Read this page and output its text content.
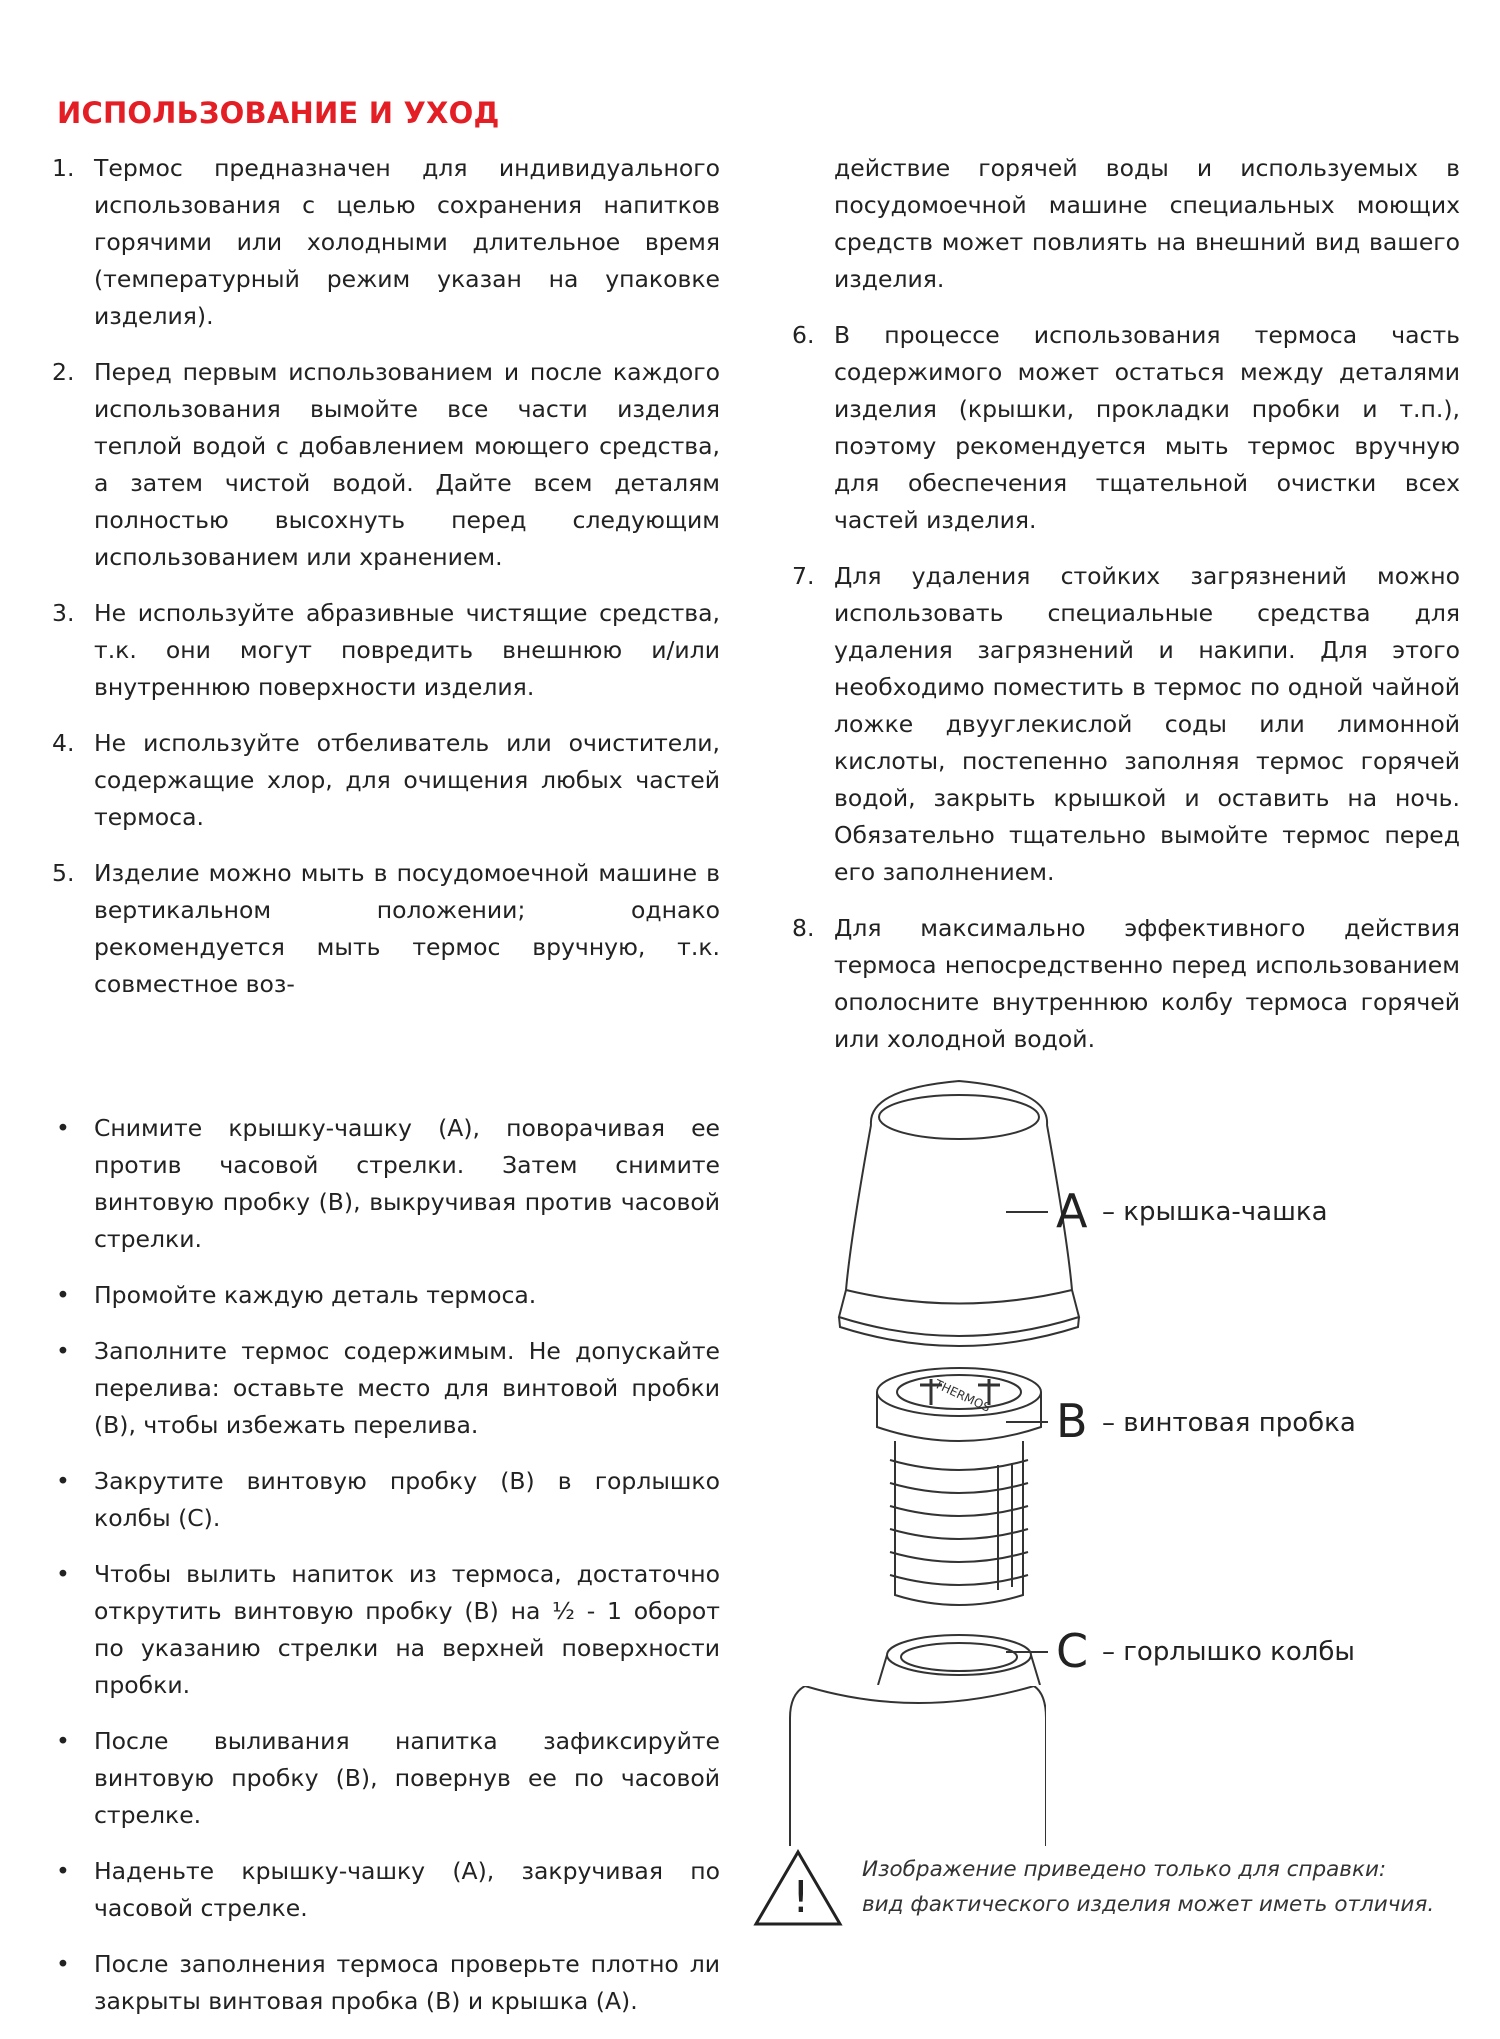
ИСПОЛЬЗОВАНИЕ И УХОД
1. Термос предназначен для индивидуального использования с целью сохранения напитков горячими или холодными длительное время (температурный режим указан на упаковке изделия).
2. Перед первым использованием и после каждого использования вымойте все части изделия теплой водой с добавлением моющего средства, а затем чистой водой. Дайте всем деталям полностью высохнуть перед следующим использованием или хранением.
3. Не используйте абразивные чистящие средства, т.к. они могут повредить внешнюю и/или внутреннюю поверхности изделия.
4. Не используйте отбеливатель или очистители, содержащие хлор, для очищения любых частей термоса.
5. Изделие можно мыть в посудомоечной машине в вертикальном положении; однако рекомендуется мыть термос вручную, т.к. совместное воз-
действие горячей воды и используемых в посудомоечной машине специальных моющих средств может повлиять на внешний вид вашего изделия.
6. В процессе использования термоса часть содержимого может остаться между деталями изделия (крышки, прокладки пробки и т.п.), поэтому рекомендуется мыть термос вручную для обеспечения тщательной очистки всех частей изделия.
7. Для удаления стойких загрязнений можно использовать специальные средства для удаления загрязнений и накипи. Для этого необходимо поместить в термос по одной чайной ложке двууглекислой соды или лимонной кислоты, постепенно заполняя термос горячей водой, закрыть крышкой и оставить на ночь. Обязательно тщательно вымойте термос перед его заполнением.
8. Для максимально эффективного действия термоса непосредственно перед использованием ополосните внутреннюю колбу термоса горячей или холодной водой.
•	Снимите крышку-чашку (A), поворачивая ее против часовой стрелки. Затем снимите винтовую пробку (B), выкручивая против часовой стрелки.
•	Промойте каждую деталь термоса.
•	Заполните термос содержимым. Не допускайте перелива: оставьте место для винтовой пробки (B), чтобы избежать перелива.
•	Закрутите винтовую пробку (B) в горлышко колбы (C).
•	Чтобы вылить напиток из термоса, достаточно открутить винтовую пробку (B) на ½ - 1 оборот по указанию стрелки на верхней поверхности пробки.
•	После выливания напитка зафиксируйте винтовую пробку (B), повернув ее по часовой стрелке.
•	Наденьте крышку-чашку (A), закручивая по часовой стрелке.
•	После заполнения термоса проверьте плотно ли закрыты винтовая пробка (B) и крышка (A).
THERMOS
A – крышка-чашка
B – винтовая пробка
C – горлышко колбы
!
Изображение приведено только для справки:
вид фактического изделия может иметь отличия.
